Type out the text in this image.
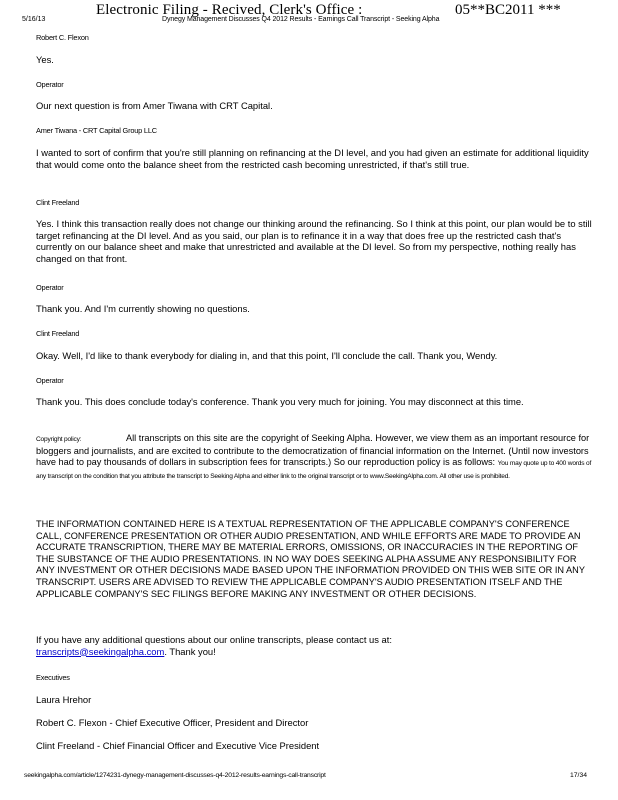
Electronic Filing - Recived, Clerk's Office :	05**BC2011 ***
5/16/13	Dynegy Management Discusses Q4 2012 Results - Earnings Call Transcript - Seeking Alpha
Robert C. Flexon
Yes.
Operator
Our next question is from Amer Tiwana with CRT Capital.
Amer Tiwana - CRT Capital Group LLC
I wanted to sort of confirm that you're still planning on refinancing at the DI level, and you had given an estimate for additional liquidity that would come onto the balance sheet from the restricted cash becoming unrestricted, if that's still true.
Clint Freeland
Yes. I think this transaction really does not change our thinking around the refinancing. So I think at this point, our plan would be to still target refinancing at the DI level. And as you said, our plan is to refinance it in a way that does free up the restricted cash that's currently on our balance sheet and make that unrestricted and available at the DI level. So from my perspective, nothing really has changed on that front.
Operator
Thank you. And I'm currently showing no questions.
Clint Freeland
Okay. Well, I'd like to thank everybody for dialing in, and that this point, I'll conclude the call. Thank you, Wendy.
Operator
Thank you. This does conclude today's conference. Thank you very much for joining. You may disconnect at this time.
Copyright policy:	All transcripts on this site are the copyright of Seeking Alpha. However, we view them as an important resource for bloggers and journalists, and are excited to contribute to the democratization of financial information on the Internet. (Until now investors have had to pay thousands of dollars in subscription fees for transcripts.) So our reproduction policy is as follows: You may quote up to 400 words of any transcript on the condition that you attribute the transcript to Seeking Alpha and either link to the original transcript or to www.SeekingAlpha.com. All other use is prohibited.
THE INFORMATION CONTAINED HERE IS A TEXTUAL REPRESENTATION OF THE APPLICABLE COMPANY'S CONFERENCE CALL, CONFERENCE PRESENTATION OR OTHER AUDIO PRESENTATION, AND WHILE EFFORTS ARE MADE TO PROVIDE AN ACCURATE TRANSCRIPTION, THERE MAY BE MATERIAL ERRORS, OMISSIONS, OR INACCURACIES IN THE REPORTING OF THE SUBSTANCE OF THE AUDIO PRESENTATIONS. IN NO WAY DOES SEEKING ALPHA ASSUME ANY RESPONSIBILITY FOR ANY INVESTMENT OR OTHER DECISIONS MADE BASED UPON THE INFORMATION PROVIDED ON THIS WEB SITE OR IN ANY TRANSCRIPT. USERS ARE ADVISED TO REVIEW THE APPLICABLE COMPANY'S AUDIO PRESENTATION ITSELF AND THE APPLICABLE COMPANY'S SEC FILINGS BEFORE MAKING ANY INVESTMENT OR OTHER DECISIONS.
If you have any additional questions about our online transcripts, please contact us at:
transcripts@seekingalpha.com. Thank you!
Executives
Laura Hrehor
Robert C. Flexon - Chief Executive Officer, President and Director
Clint Freeland - Chief Financial Officer and Executive Vice President
seekingalpha.com/article/1274231-dynegy-management-discusses-q4-2012-results-earnings-call-transcript	17/34
